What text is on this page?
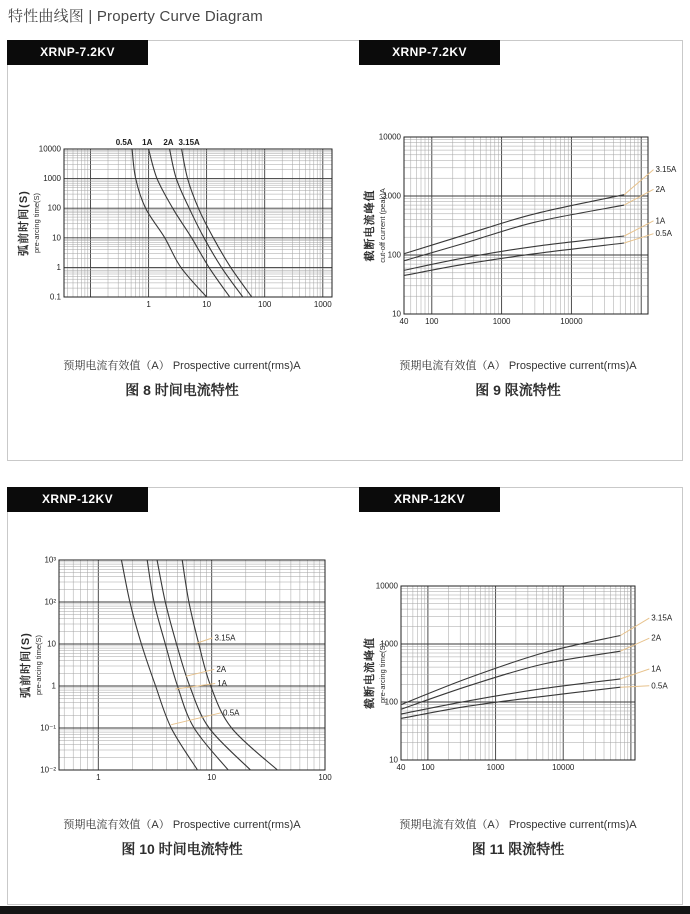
特性曲线图 | Property Curve Diagram
XRNP-7.2KV	XRNP-7.2KV
1	10	100	1000
10000
1000
100
10
1
0.1
弧前时间(S) pre-arcing time(S)
0.5A 1A 2A 3.15A
40 100	1000	10000
10000
1000
100
10
截断电流峰值 cut-off current (peak)A
3.15A
2A
1A
0.5A
预期电流有效值（A） Prospective current(rms)A	预期电流有效值（A） Prospective current(rms)A
图 8 时间电流特性	图 9 限流特性
XRNP-12KV	XRNP-12KV
1	10	100
10³
10²
10
1
10⁻¹
10⁻²
弧前时间(S) pre-arcing time(S)	3.15A
2A
1A
0.5A
40 100	1000	10000
10000
1000
100
10
截断电流峰值 pre-arcing time(S)
3.15A
2A
1A
0.5A
预期电流有效值（A） Prospective current(rms)A	预期电流有效值（A） Prospective current(rms)A
图 10 时间电流特性	图 11 限流特性
